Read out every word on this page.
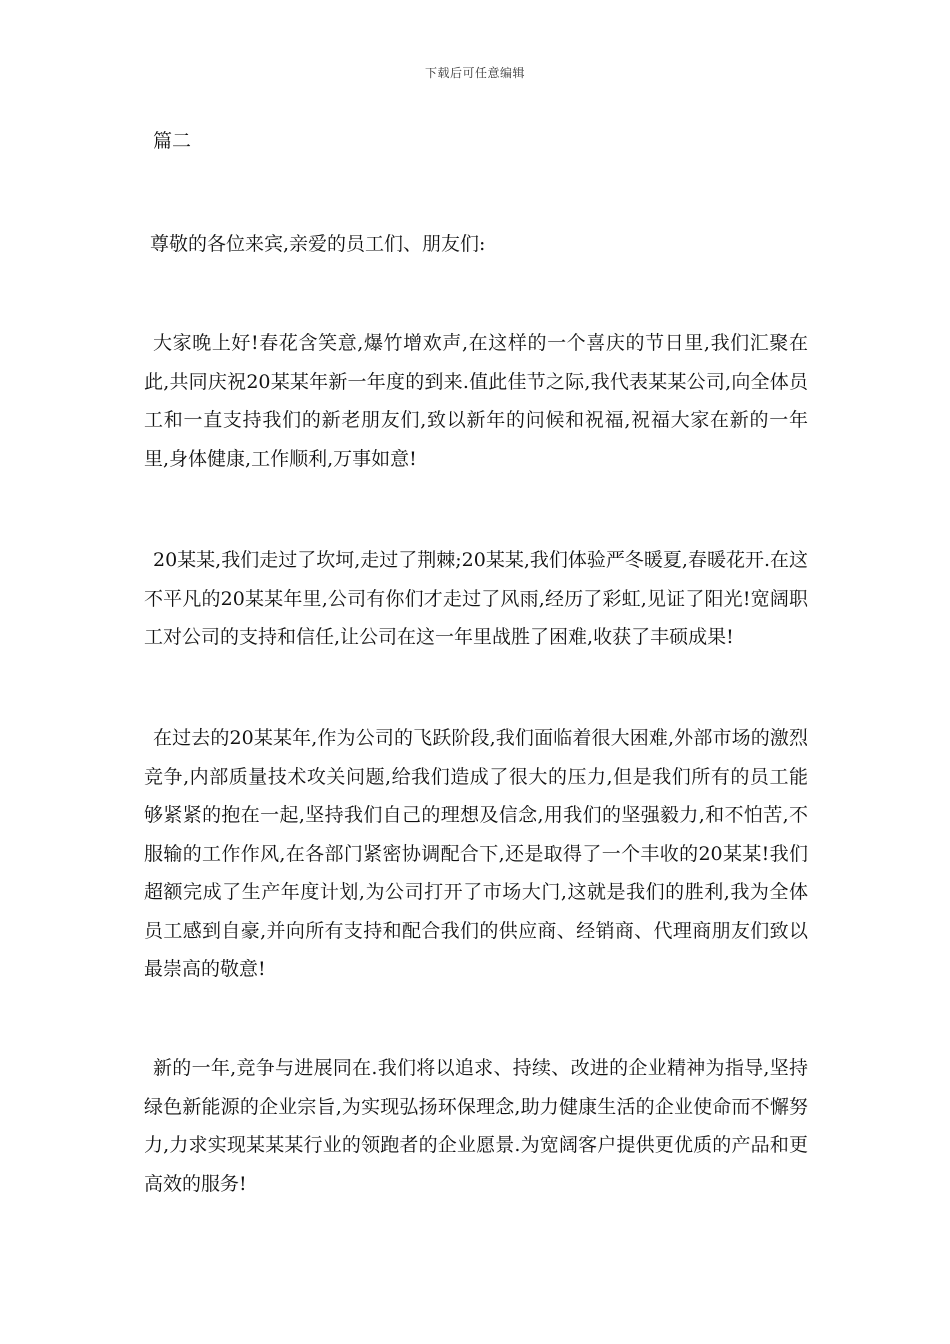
下载后可任意编辑
篇二
尊敬的各位来宾,亲爱的员工们、朋友们:

大家晚上好!春花含笑意,爆竹增欢声,在这样的一个喜庆的节日里,我们汇聚在此,共同庆祝20某某年新一年度的到来.值此佳节之际,我代表某某公司,向全体员工和一直支持我们的新老朋友们,致以新年的问候和祝福,祝福大家在新的一年里,身体健康,工作顺利,万事如意!

20某某,我们走过了坎坷,走过了荆棘;20某某,我们体验严冬暖夏,春暖花开.在这不平凡的20某某年里,公司有你们才走过了风雨,经历了彩虹,见证了阳光!宽阔职工对公司的支持和信任,让公司在这一年里战胜了困难,收获了丰硕成果!

在过去的20某某年,作为公司的飞跃阶段,我们面临着很大困难,外部市场的激烈竞争,内部质量技术攻关问题,给我们造成了很大的压力,但是我们所有的员工能够紧紧的抱在一起,坚持我们自己的理想及信念,用我们的坚强毅力,和不怕苦,不服输的工作作风,在各部门紧密协调配合下,还是取得了一个丰收的20某某!我们超额完成了生产年度计划,为公司打开了市场大门,这就是我们的胜利,我为全体员工感到自豪,并向所有支持和配合我们的供应商、经销商、代理商朋友们致以最崇高的敬意!

新的一年,竞争与进展同在.我们将以追求、持续、改进的企业精神为指导,坚持绿色新能源的企业宗旨,为实现弘扬环保理念,助力健康生活的企业使命而不懈努力,力求实现某某某行业的领跑者的企业愿景.为宽阔客户提供更优质的产品和更高效的服务!
